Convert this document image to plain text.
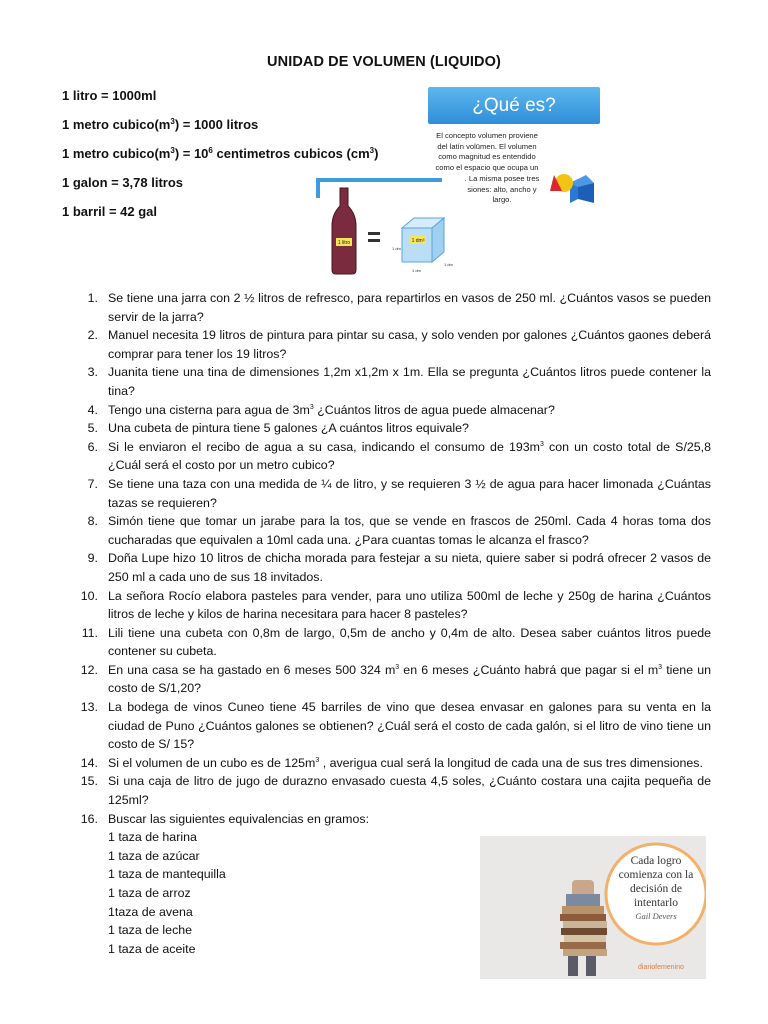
UNIDAD DE VOLUMEN (LIQUIDO)
1 litro = 1000ml
1 metro $cubico(m^3) = 1000$ litros
1 metro $cubico(m^3) = 10^6$ centimetros cubicos $(cm^3)$
1 galon = 3,78 litros
1 barril = 42 gal
¿Qué es?
El concepto volumen proviene
del latín volūmen. El volumen
como magnitud es entendido
como el espacio que ocupa un
. La misma posee tres
siones: alto, ancho y
largo.
1 litro	1 dm³
1 dm
1 dm
1 dm
1. Se tiene una jarra con 2 ½ litros de refresco, para repartirlos en vasos de 250 ml. ¿Cuántos vasos se pueden servir de la jarra?
2. Manuel necesita 19 litros de pintura para pintar su casa, y solo venden por galones ¿Cuántos gaones deberá comprar para tener los 19 litros?
3. Juanita tiene una tina de dimensiones 1,2m x1,2m x 1m. Ella se pregunta ¿Cuántos litros puede contener la tina?
4. Tengo una cisterna para agua de $3m^3$ ¿Cuántos litros de agua puede almacenar?
5. Una cubeta de pintura tiene 5 galones ¿A cuántos litros equivale?
6. Si le enviaron el recibo de agua a su casa, indicando el consumo de $193m^3$ con un costo total de S/25,8 ¿Cuál será el costo por un metro cubico?
7. Se tiene una taza con una medida de ¼ de litro, y se requieren 3 ½ de agua para hacer limonada ¿Cuántas tazas se requieren?
8. Simón tiene que tomar un jarabe para la tos, que se vende en frascos de 250ml. Cada 4 horas toma dos cucharadas que equivalen a 10ml cada una. ¿Para cuantas tomas le alcanza el frasco?
9. Doña Lupe hizo 10 litros de chicha morada para festejar a su nieta, quiere saber si podrá ofrecer 2 vasos de 250 ml a cada uno de sus 18 invitados.
10. La señora Rocío elabora pasteles para vender, para uno utiliza 500ml de leche y 250g de harina ¿Cuántos litros de leche y kilos de harina necesitara para hacer 8 pasteles?
11. Lili tiene una cubeta con 0,8m de largo, 0,5m de ancho y 0,4m de alto. Desea saber cuántos litros puede contener su cubeta.
12. En una casa se ha gastado en 6 meses 500 324 $m^3$ en 6 meses ¿Cuánto habrá que pagar si el $m^3$ tiene un costo de S/1,20?
13. La bodega de vinos Cuneo tiene 45 barriles de vino que desea envasar en galones para su venta en la ciudad de Puno ¿Cuántos galones se obtienen? ¿Cuál será el costo de cada galón, si el litro de vino tiene un costo de S/ 15?
14. Si el volumen de un cubo es de $125m^3$ , averigua cual será la longitud de cada una de sus tres dimensiones.
15. Si una caja de litro de jugo de durazno envasado cuesta 4,5 soles, ¿Cuánto costara una cajita pequeña de 125ml?
16. Buscar las siguientes equivalencias en gramos:
1 taza de harina
1 taza de azúcar
1 taza de mantequilla
1 taza de arroz
1taza de avena
1 taza de leche
1 taza de aceite
Cada logro
comienza con la
decisión de
intentarlo
Gail Devers
diariofemenino
